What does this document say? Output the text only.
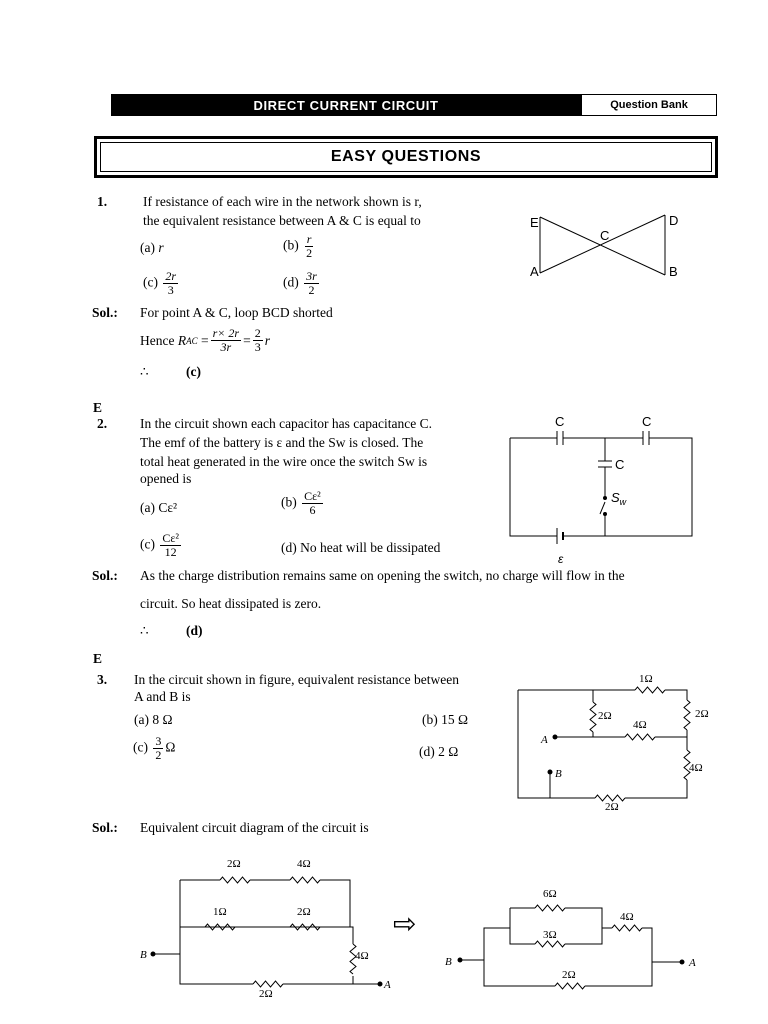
DIRECT CURRENT CIRCUIT	Question Bank
EASY QUESTIONS
1.	If resistance of each wire in the network shown is r,
the equivalent resistance between A & C is equal to
(a) r	$(b) \frac{r}{2}$
$(c) \frac{2r}{3}$	$(d) \frac{3r}{2}$
Sol.: For point A & C, loop BCD shorted
Hence
R AC
= $\frac{r\times 2r}{3r} = \frac{2}{3}$ r
∴	(c)
E	D
C
A	B
E
2. In the circuit shown each capacitor has capacitance C.
The emf of the battery is ε and the Sw is closed. The
total heat generated in the wire once the switch Sw is
opened is
(a) Cε²	$(b) \frac{\text{Cε²}}{6}$
$(c) \frac{\text{Cε²}}{12}$	(d) No heat will be dissipated
Sol.: As the charge distribution remains same on opening the switch, no charge will flow in the
circuit. So heat dissipated is zero.
∴	(d)
C	C
C
$S_w$
ε
E
3. In the circuit shown in figure, equivalent resistance between
A and B is
(a) 8 Ω	(b) 15 Ω
$(c) \frac{3}{2}$ Ω	(d) 2 Ω
Sol.: Equivalent circuit diagram of the circuit is
1Ω
2Ω
4Ω
2Ω
4Ω
2Ω
A
B
2Ω	4Ω
1Ω	2Ω
4Ω
2Ω
B
A
⇨
6Ω
3Ω
4Ω
2Ω
B	A
